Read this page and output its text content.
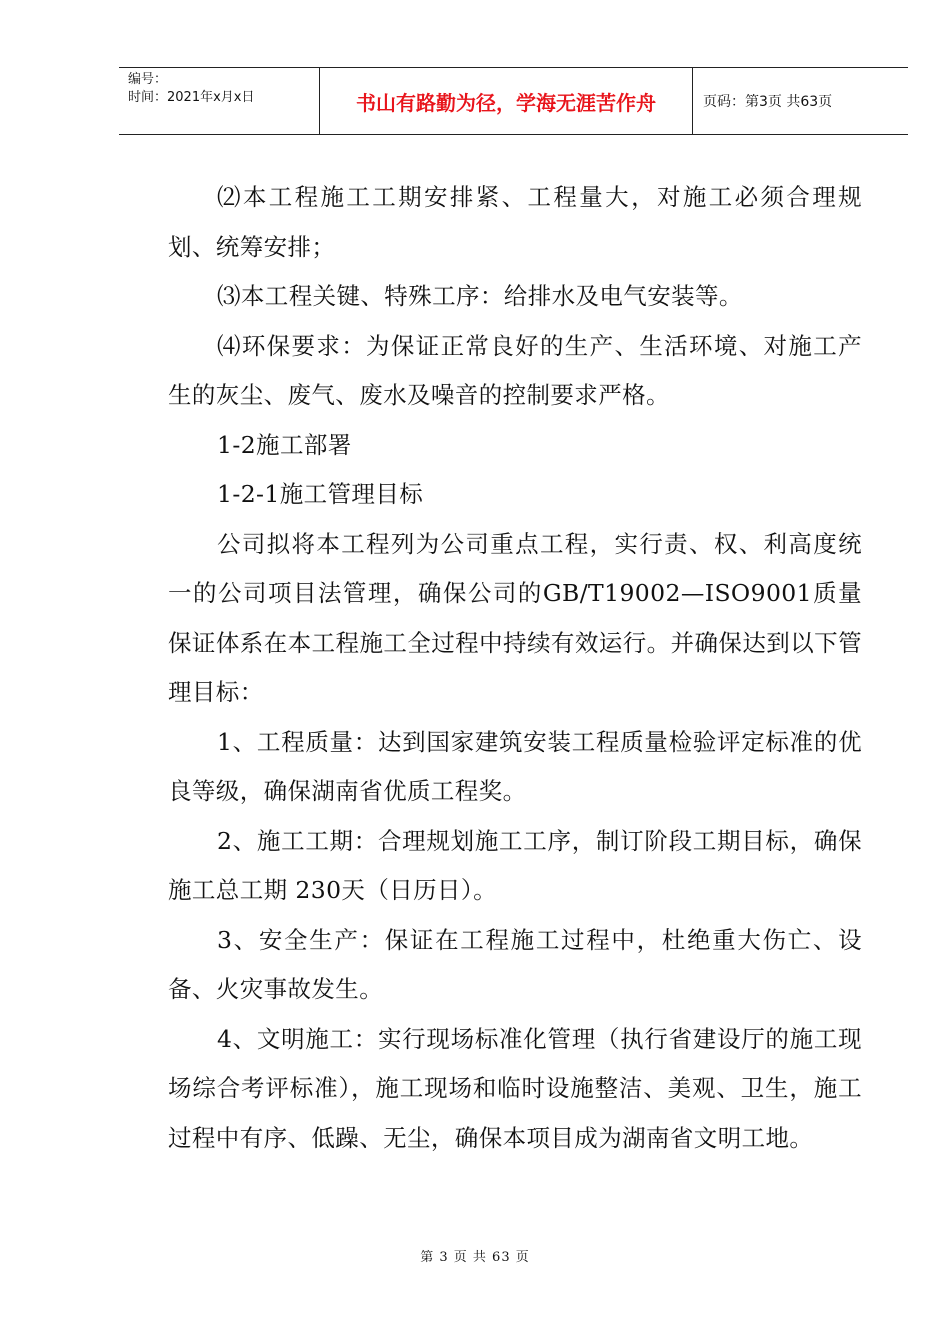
编号：
时间：2021年x月x日	书山有路勤为径，学海无涯苦作舟	页码：第3页 共63页

⑵本工程施工工期安排紧、工程量大，对施工必须合理规划、统筹安排；

⑶本工程关键、特殊工序：给排水及电气安装等。

⑷环保要求：为保证正常良好的生产、生活环境、对施工产生的灰尘、废气、废水及噪音的控制要求严格。

1-2施工部署

1-2-1施工管理目标

公司拟将本工程列为公司重点工程，实行责、权、利高度统一的公司项目法管理，确保公司的GB/T19002—ISO9001质量保证体系在本工程施工全过程中持续有效运行。并确保达到以下管理目标：

1、工程质量：达到国家建筑安装工程质量检验评定标准的优良等级，确保湖南省优质工程奖。

2、施工工期：合理规划施工工序，制订阶段工期目标，确保施工总工期 230天（日历日）。

3、安全生产：保证在工程施工过程中，杜绝重大伤亡、设备、火灾事故发生。

4、文明施工：实行现场标准化管理（执行省建设厅的施工现场综合考评标准），施工现场和临时设施整洁、美观、卫生，施工过程中有序、低躁、无尘，确保本项目成为湖南省文明工地。

第 3 页 共 63 页
